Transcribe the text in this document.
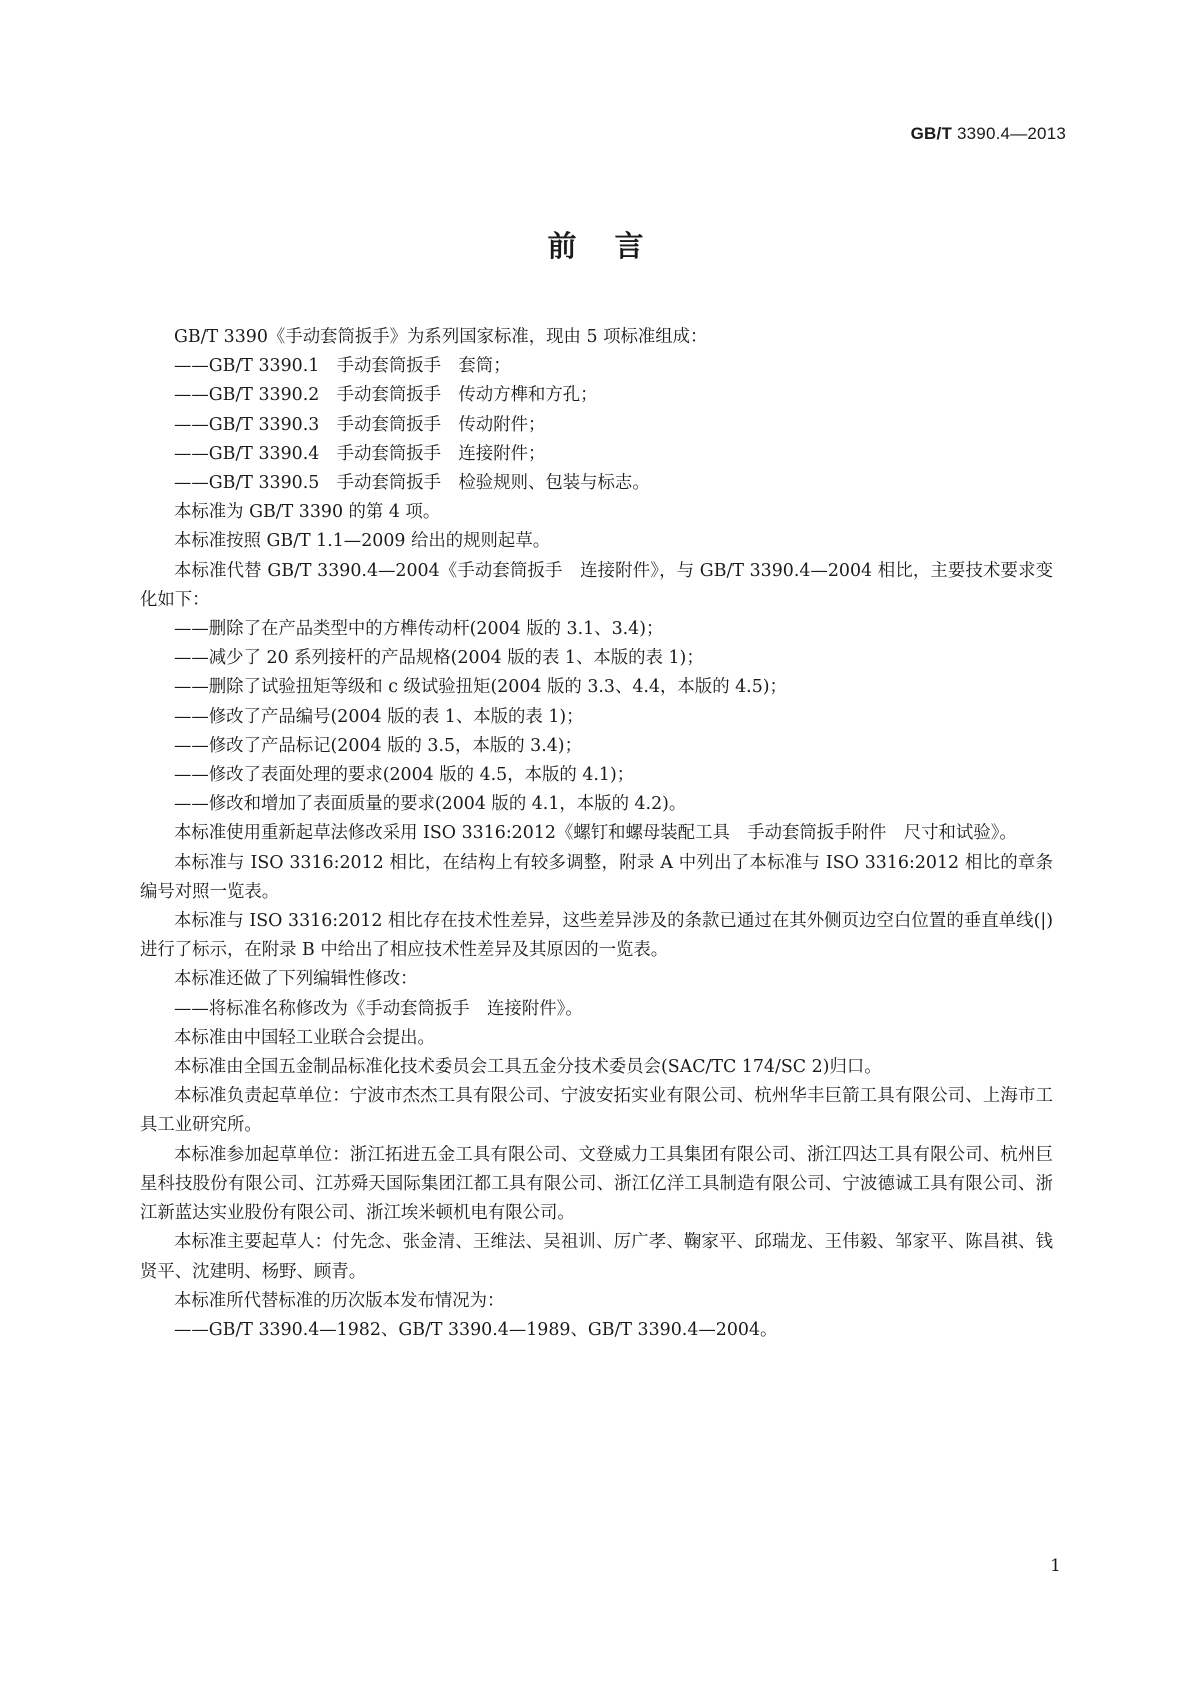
GB/T 3390.4—2013
前言

GB/T 3390《手动套筒扳手》为系列国家标准，现由 5 项标准组成：

——GB/T 3390.1　手动套筒扳手　套筒；

——GB/T 3390.2　手动套筒扳手　传动方榫和方孔；

——GB/T 3390.3　手动套筒扳手　传动附件；

——GB/T 3390.4　手动套筒扳手　连接附件；

——GB/T 3390.5　手动套筒扳手　检验规则、包装与标志。

本标准为 GB/T 3390 的第 4 项。

本标准按照 GB/T 1.1—2009 给出的规则起草。

本标准代替 GB/T 3390.4—2004《手动套筒扳手　连接附件》，与 GB/T 3390.4—2004 相比，主要技术要求变化如下：

——删除了在产品类型中的方榫传动杆(2004 版的 3.1、3.4)；

——减少了 20 系列接杆的产品规格(2004 版的表 1、本版的表 1)；

——删除了试验扭矩等级和 c 级试验扭矩(2004 版的 3.3、4.4，本版的 4.5)；

——修改了产品编号(2004 版的表 1、本版的表 1)；

——修改了产品标记(2004 版的 3.5，本版的 3.4)；

——修改了表面处理的要求(2004 版的 4.5，本版的 4.1)；

——修改和增加了表面质量的要求(2004 版的 4.1，本版的 4.2)。

本标准使用重新起草法修改采用 ISO 3316:2012《螺钉和螺母装配工具　手动套筒扳手附件　尺寸和试验》。

本标准与 ISO 3316:2012 相比，在结构上有较多调整，附录 A 中列出了本标准与 ISO 3316:2012 相比的章条编号对照一览表。

本标准与 ISO 3316:2012 相比存在技术性差异，这些差异涉及的条款已通过在其外侧页边空白位置的垂直单线(|)进行了标示，在附录 B 中给出了相应技术性差异及其原因的一览表。

本标准还做了下列编辑性修改：

——将标准名称修改为《手动套筒扳手　连接附件》。

本标准由中国轻工业联合会提出。

本标准由全国五金制品标准化技术委员会工具五金分技术委员会(SAC/TC 174/SC 2)归口。

本标准负责起草单位：宁波市杰杰工具有限公司、宁波安拓实业有限公司、杭州华丰巨箭工具有限公司、上海市工具工业研究所。

本标准参加起草单位：浙江拓进五金工具有限公司、文登威力工具集团有限公司、浙江四达工具有限公司、杭州巨星科技股份有限公司、江苏舜天国际集团江都工具有限公司、浙江亿洋工具制造有限公司、宁波德诚工具有限公司、浙江新蓝达实业股份有限公司、浙江埃米顿机电有限公司。

本标准主要起草人：付先念、张金清、王维法、吴祖训、厉广孝、鞠家平、邱瑞龙、王伟毅、邹家平、陈昌祺、钱贤平、沈建明、杨野、顾青。

本标准所代替标准的历次版本发布情况为：

——GB/T 3390.4—1982、GB/T 3390.4—1989、GB/T 3390.4—2004。

1
